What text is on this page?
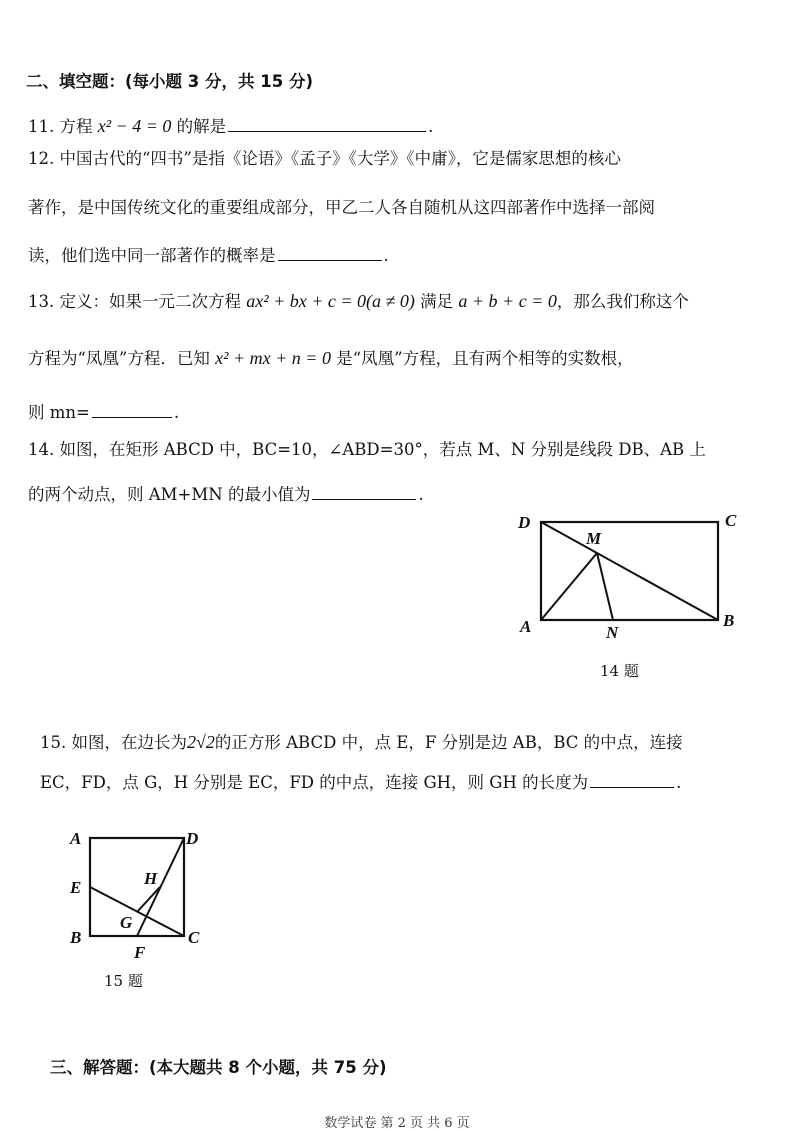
二、填空题：(每小题 3 分，共 15 分)
11. 方程 x² − 4 = 0 的解是	.
12. 中国古代的“四书”是指《论语》《孟子》《大学》《中庸》，它是儒家思想的核心
著作，是中国传统文化的重要组成部分，甲乙二人各自随机从这四部著作中选择一部阅
读，他们选中同一部著作的概率是	.
13. 定义：如果一元二次方程 ax² + bx + c = 0(a ≠ 0) 满足 a + b + c = 0，那么我们称这个
方程为“凤凰”方程．已知 x² + mx + n = 0 是“凤凰”方程，且有两个相等的实数根，
则 mn=	.
14. 如图，在矩形 ABCD 中，BC=10，∠ABD=30°，若点 M、N 分别是线段 DB、AB 上
的两个动点，则 AM+MN 的最小值为	.
D	C
M
A	N
B
14 题
15. 如图，在边长为2√2的正方形 ABCD 中，点 E，F 分别是边 AB，BC 的中点，连接
EC，FD，点 G，H 分别是 EC，FD 的中点，连接 GH，则 GH 的长度为	.
A	D
E	H
G
B	C
F
15 题
三、解答题：(本大题共 8 个小题，共 75 分)
数学试卷 第 2 页 共 6 页
